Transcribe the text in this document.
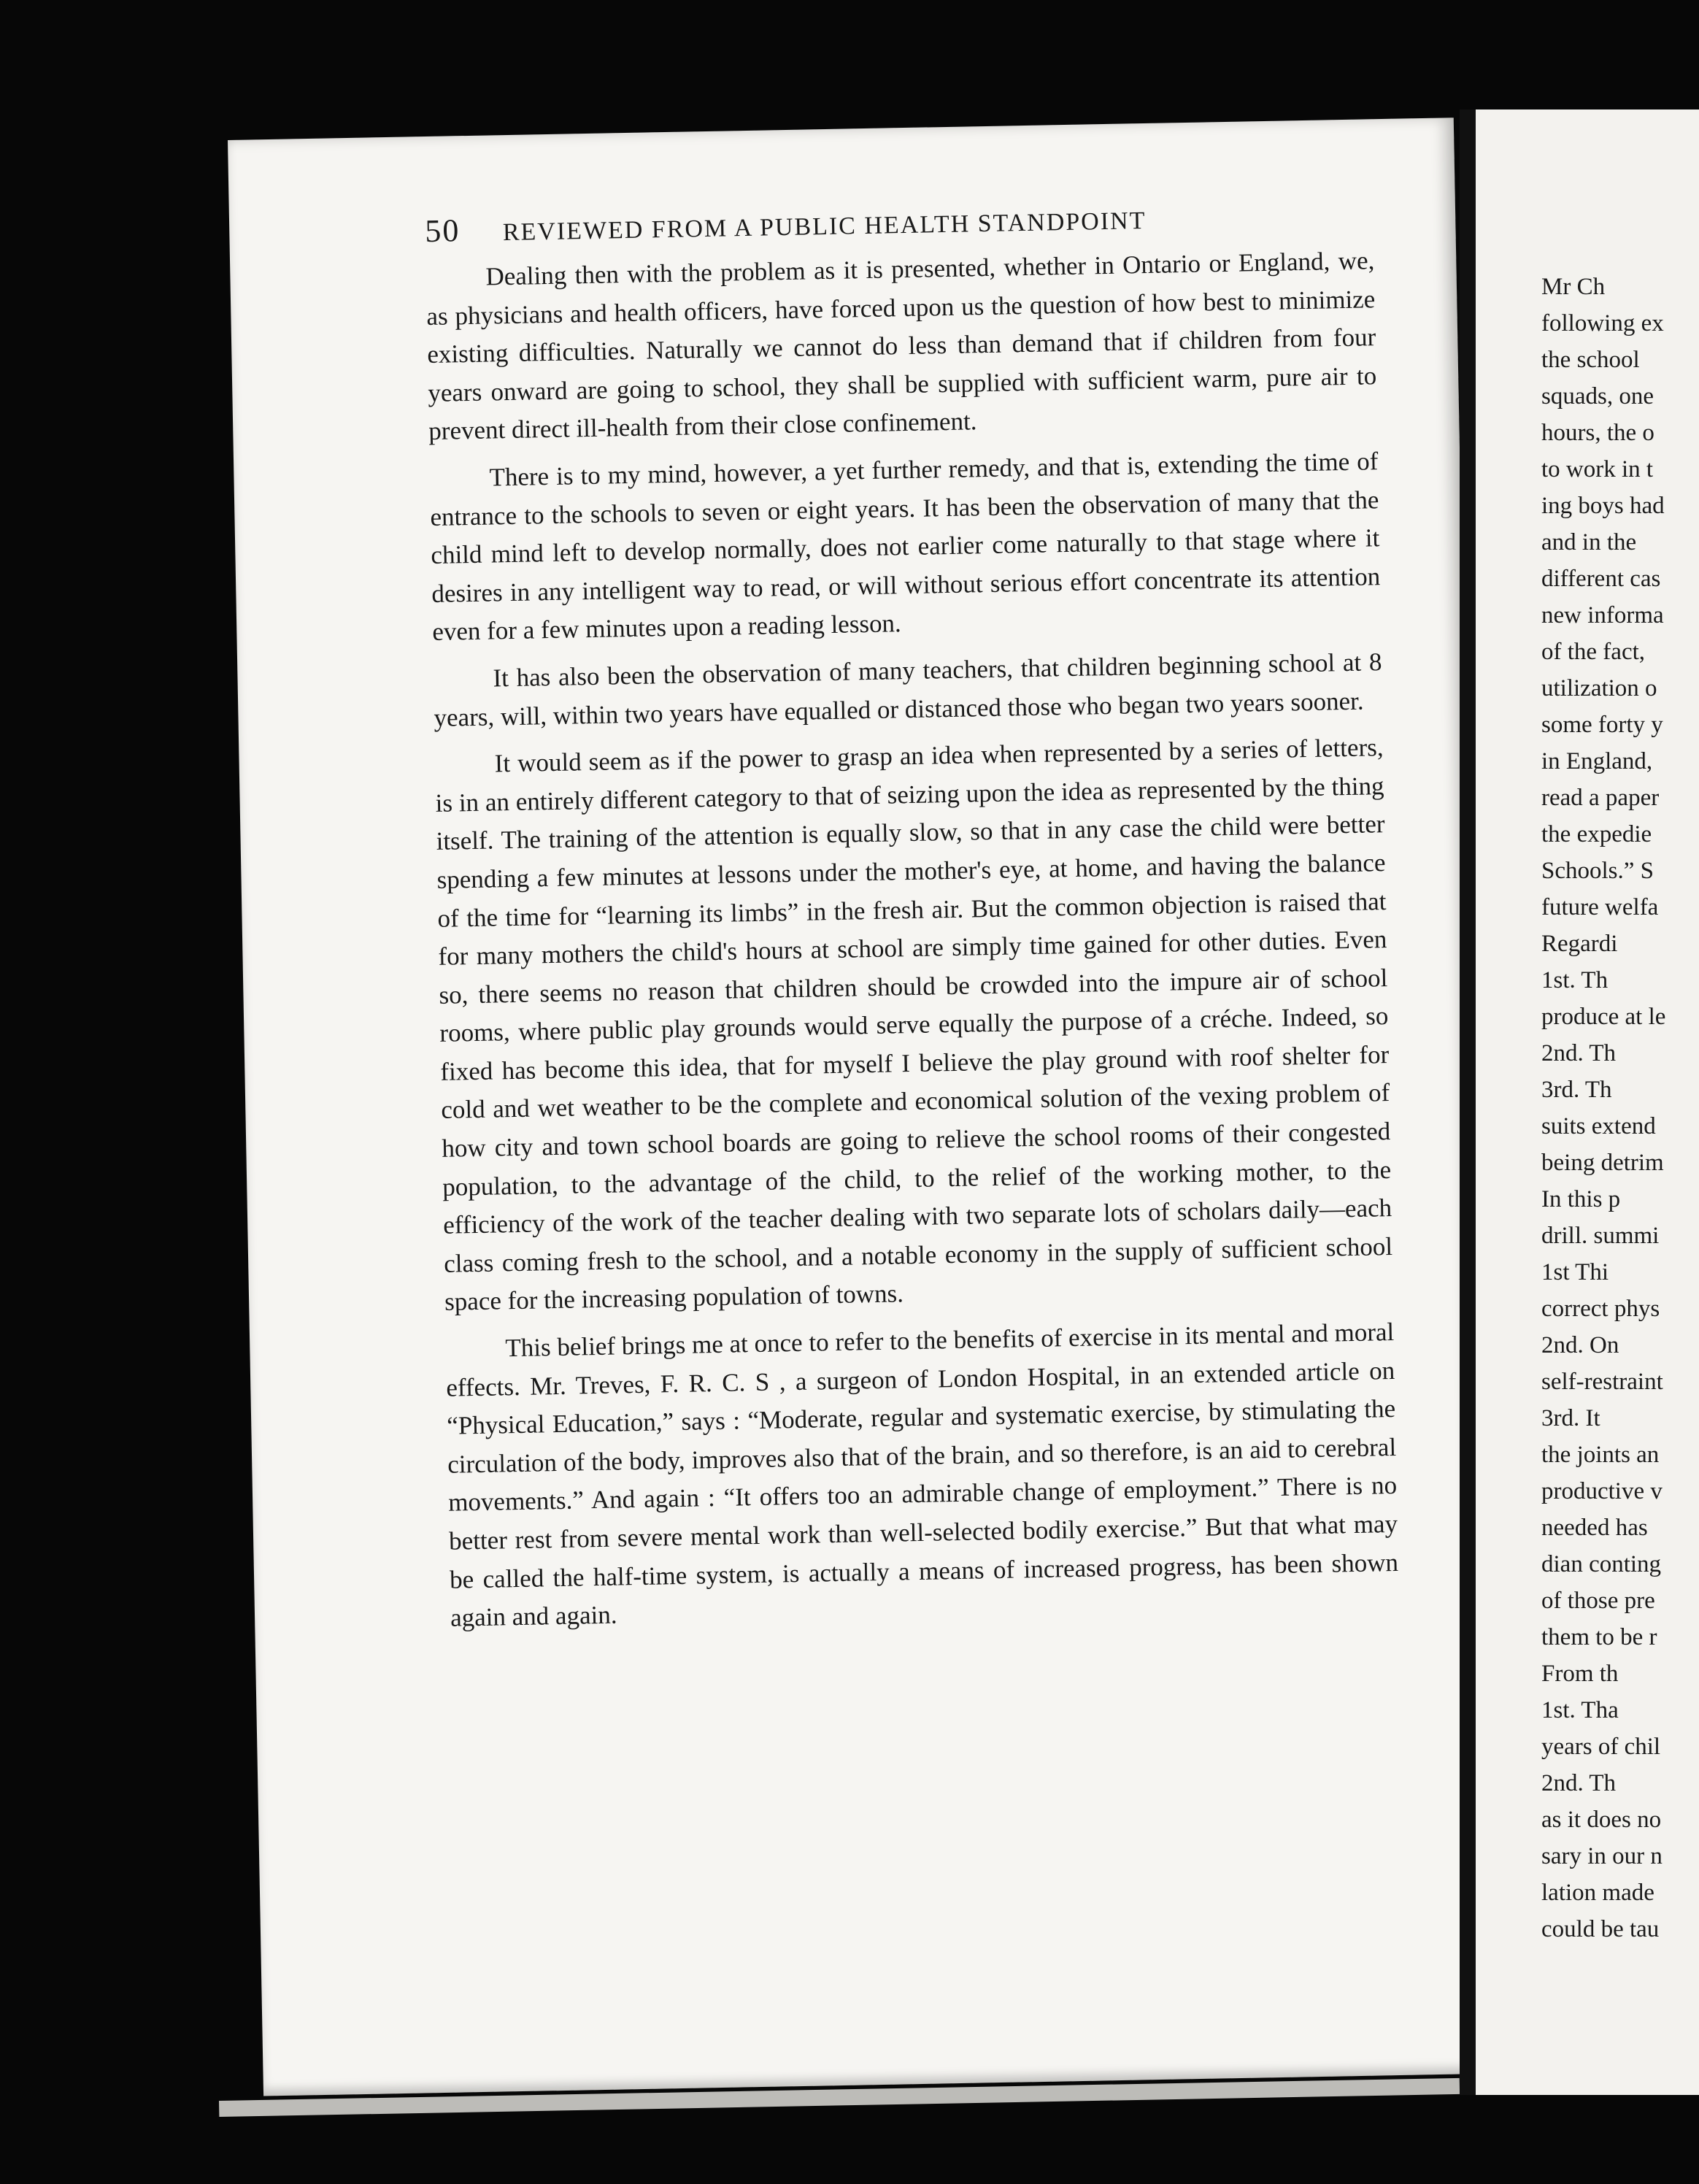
50 REVIEWED FROM A PUBLIC HEALTH STANDPOINT

Dealing then with the problem as it is presented, whether in Ontario or England, we, as physicians and health officers, have forced upon us the question of how best to minimize existing difficulties. Naturally we cannot do less than demand that if children from four years onward are going to school, they shall be supplied with sufficient warm, pure air to prevent direct ill-health from their close confinement.

There is to my mind, however, a yet further remedy, and that is, extending the time of entrance to the schools to seven or eight years. It has been the observation of many that the child mind left to develop normally, does not earlier come naturally to that stage where it desires in any intelligent way to read, or will without serious effort concentrate its attention even for a few minutes upon a reading lesson.

It has also been the observation of many teachers, that children beginning school at 8 years, will, within two years have equalled or distanced those who began two years sooner.

It would seem as if the power to grasp an idea when represented by a series of letters, is in an entirely different category to that of seizing upon the idea as represented by the thing itself. The training of the attention is equally slow, so that in any case the child were better spending a few minutes at lessons under the mother's eye, at home, and having the balance of the time for “learning its limbs” in the fresh air. But the common objection is raised that for many mothers the child's hours at school are simply time gained for other duties. Even so, there seems no reason that children should be crowded into the impure air of school rooms, where public play grounds would serve equally the purpose of a créche. Indeed, so fixed has become this idea, that for myself I believe the play ground with roof shelter for cold and wet weather to be the complete and economical solution of the vexing problem of how city and town school boards are going to relieve the school rooms of their congested population, to the advantage of the child, to the relief of the working mother, to the efficiency of the work of the teacher dealing with two separate lots of scholars daily—each class coming fresh to the school, and a notable economy in the supply of sufficient school space for the increasing population of towns.

This belief brings me at once to refer to the benefits of exercise in its mental and moral effects. Mr. Treves, F. R. C. S , a surgeon of London Hospital, in an extended article on “Physical Education,” says : “Moderate, regular and systematic exercise, by stimulating the circulation of the body, improves also that of the brain, and so therefore, is an aid to cerebral movements.” And again : “It offers too an admirable change of employment.” There is no better rest from severe mental work than well-selected bodily exercise.” But that what may be called the half-time system, is actually a means of increased progress, has been shown again and again.

Mr Ch
following ex
the school
squads, one
hours, the o
to work in t
ing boys had
and in the
different cas
new informa
of the fact,
utilization o
some forty y
in England,
read a paper
the expedie
Schools.” S
future welfa
Regardi
1st. Th
produce at le
2nd. Th
3rd. Th
suits extend
being detrim
In this p
drill. summi
1st Thi
correct phys
2nd. On
self-restraint
3rd. It
the joints an
productive v
needed has
dian conting
of those pre
them to be r
From th
1st. Tha
years of chil
2nd. Th
as it does no
sary in our n
lation made
could be tau
